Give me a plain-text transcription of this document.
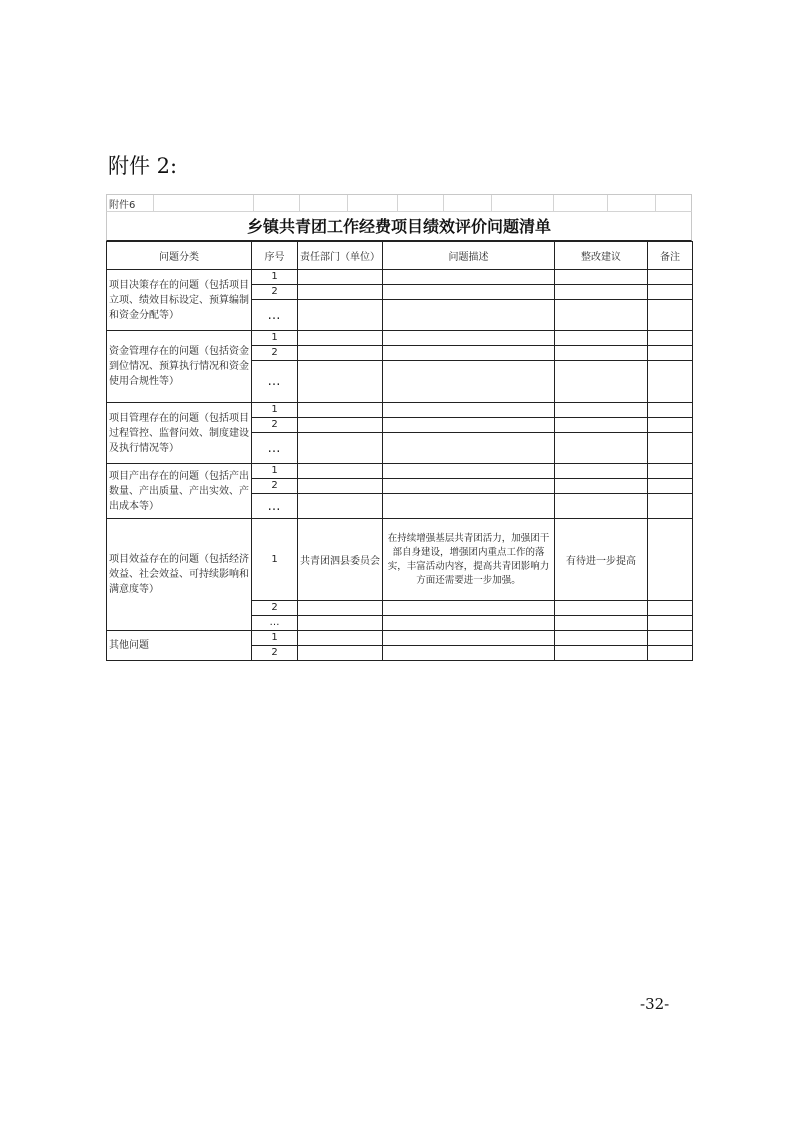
附件 2:
附件6
乡镇共青团工作经费项目绩效评价问题清单
问题分类	序号	责任部门（单位）	问题描述	整改建议	备注
项目决策存在的问题（包括项目立项、绩效目标设定、预算编制和资金分配等）	1				
	2				
	…				
资金管理存在的问题（包括资金到位情况、预算执行情况和资金使用合规性等）	1				
	2				
	…				
项目管理存在的问题（包括项目过程管控、监督问效、制度建设及执行情况等）	1				
	2				
	…				
项目产出存在的问题（包括产出数量、产出质量、产出实效、产出成本等）	1				
	2				
	…				
项目效益存在的问题（包括经济效益、社会效益、可持续影响和满意度等）	1	共青团泗县委员会	在持续增强基层共青团活力，加强团干部自身建设，增强团内重点工作的落实，丰富活动内容，提高共青团影响力方面还需要进一步加强。	有待进一步提高	
	2				
	…				
其他问题	1				
	2				
-32-
